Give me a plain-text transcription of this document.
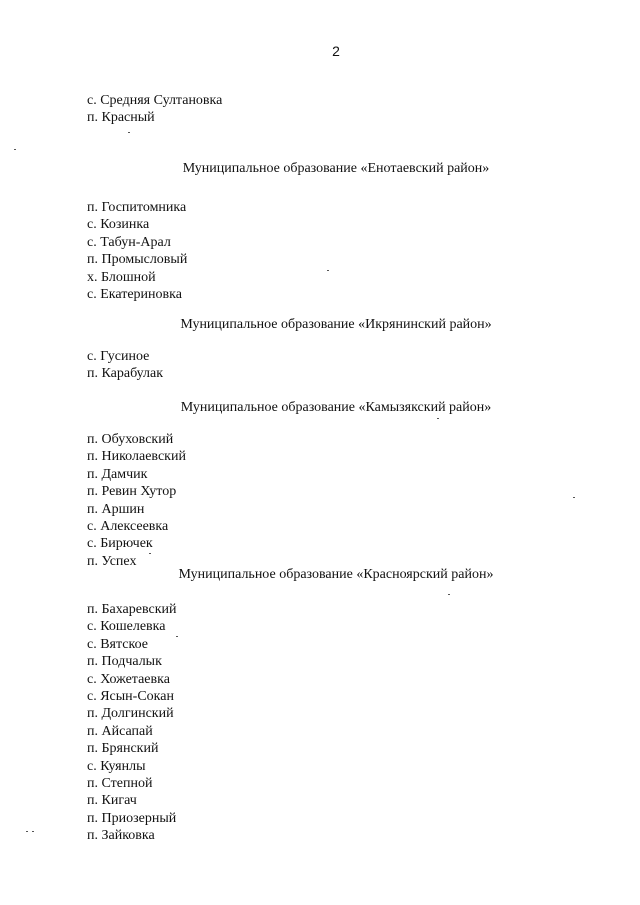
2
с. Средняя Султановка
п. Красный
Муниципальное образование «Енотаевский район»
п. Госпитомника
с. Козинка
с. Табун-Арал
п. Промысловый
х. Блошной
с. Екатериновка
Муниципальное образование «Икрянинский район»
с. Гусиное
п. Карабулак
Муниципальное образование «Камызякский район»
п. Обуховский
п. Николаевский
п. Дамчик
п. Ревин Хутор
п. Аршин
с. Алексеевка
с. Бирючек
п. Успех
Муниципальное образование «Красноярский район»
п. Бахаревский
с. Кошелевка
с. Вятское
п. Подчалык
с. Хожетаевка
с. Ясын-Сокан
п. Долгинский
п. Айсапай
п. Брянский
с. Куянлы
п. Степной
п. Кигач
п. Приозерный
п. Зайковка
